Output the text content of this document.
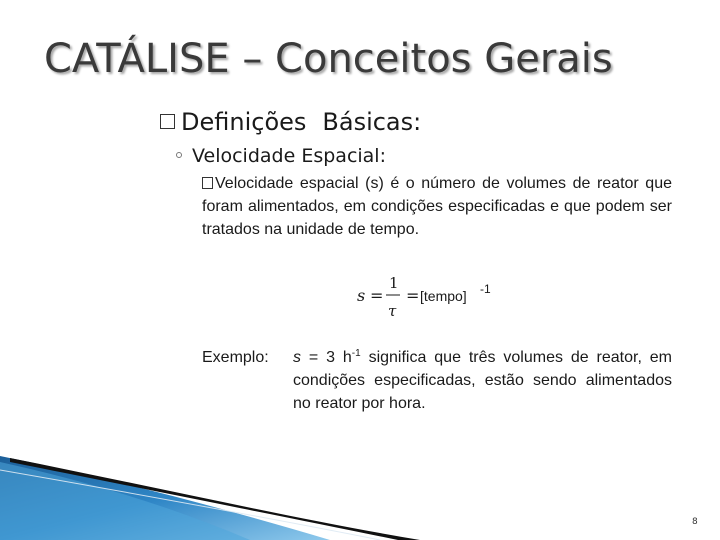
CATÁLISE – Conceitos Gerais
Definições Básicas:
Velocidade Espacial:
Velocidade espacial (s) é o número de volumes de reator que foram alimentados, em condições especificadas e que podem ser tratados na unidade de tempo.
s =
1
τ
= [tempo] -1
Exemplo:	s = 3 $h^{-1}$ significa que três volumes de reator, em condições especificadas, estão sendo alimentados no reator por hora.
8
